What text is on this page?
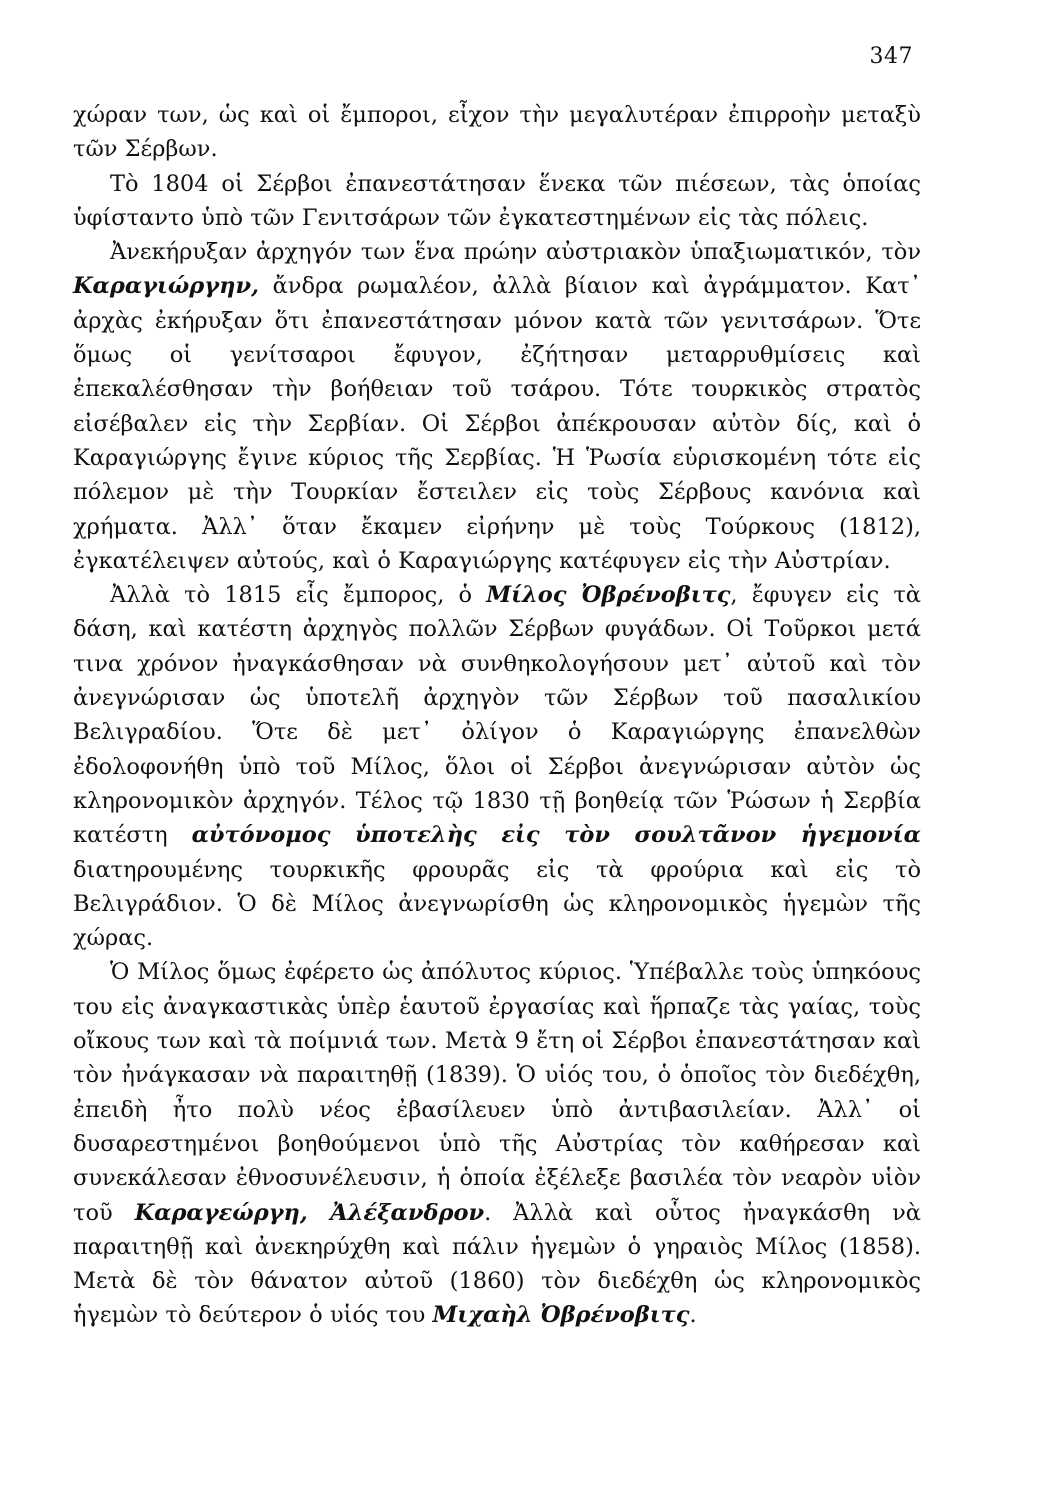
347

χώραν των, ὡς καὶ οἱ ἔμποροι, εἶχον τὴν μεγαλυτέραν ἐπιρροὴν μεταξὺ τῶν Σέρβων.

Τὸ 1804 οἱ Σέρβοι ἐπανεστάτησαν ἕνεκα τῶν πιέσεων, τὰς ὁποίας ὑφίσταντο ὑπὸ τῶν Γενιτσάρων τῶν ἐγκατεστημένων εἰς τὰς πόλεις.

Ἀνεκήρυξαν ἀρχηγόν των ἕνα πρώην αὐστριακὸν ὑπαξιωματικόν, τὸν Καραγιώργην, ἄνδρα ρωμαλέον, ἀλλὰ βίαιον καὶ ἀγράμματον. Κατ᾽ ἀρχὰς ἐκήρυξαν ὅτι ἐπανεστάτησαν μόνον κατὰ τῶν γενιτσάρων. Ὅτε ὅμως οἱ γενίτσαροι ἔφυγον, ἐζήτησαν μεταρρυθμίσεις καὶ ἐπεκαλέσθησαν τὴν βοήθειαν τοῦ τσάρου. Τότε τουρκικὸς στρατὸς εἰσέβαλεν εἰς τὴν Σερβίαν. Οἱ Σέρβοι ἀπέκρουσαν αὐτὸν δίς, καὶ ὁ Καραγιώργης ἔγινε κύριος τῆς Σερβίας. Ἡ Ῥωσία εὑρισκομένη τότε εἰς πόλεμον μὲ τὴν Τουρκίαν ἔστειλεν εἰς τοὺς Σέρβους κανόνια καὶ χρήματα. Ἀλλ᾽ ὅταν ἔκαμεν εἰρήνην μὲ τοὺς Τούρκους (1812), ἐγκατέλειψεν αὐτούς, καὶ ὁ Καραγιώργης κατέφυγεν εἰς τὴν Αὐστρίαν.

Ἀλλὰ τὸ 1815 εἷς ἔμπορος, ὁ Μίλος Ὀβρένοβιτς, ἔφυγεν εἰς τὰ δάση, καὶ κατέστη ἀρχηγὸς πολλῶν Σέρβων φυγάδων. Οἱ Τοῦρκοι μετά τινα χρόνον ἠναγκάσθησαν νὰ συνθηκολογήσουν μετ᾽ αὐτοῦ καὶ τὸν ἀνεγνώρισαν ὡς ὑποτελῆ ἀρχηγὸν τῶν Σέρβων τοῦ πασαλικίου Βελιγραδίου. Ὅτε δὲ μετ᾽ ὀλίγον ὁ Καραγιώργης ἐπανελθὼν ἐδολοφονήθη ὑπὸ τοῦ Μίλος, ὅλοι οἱ Σέρβοι ἀνεγνώρισαν αὐτὸν ὡς κληρονομικὸν ἀρχηγόν. Τέλος τῷ 1830 τῇ βοηθείᾳ τῶν Ῥώσων ἡ Σερβία κατέστη αὐτόνομος ὑποτελὴς εἰς τὸν σουλτᾶνον ἡγεμονία διατηρουμένης τουρκικῆς φρουρᾶς εἰς τὰ φρούρια καὶ εἰς τὸ Βελιγράδιον. Ὁ δὲ Μίλος ἀνεγνωρίσθη ὡς κληρονομικὸς ἡγεμὼν τῆς χώρας.

Ὁ Μίλος ὅμως ἐφέρετο ὡς ἀπόλυτος κύριος. Ὑπέβαλλε τοὺς ὑπηκόους του εἰς ἀναγκαστικὰς ὑπὲρ ἑαυτοῦ ἐργασίας καὶ ἥρπαζε τὰς γαίας, τοὺς οἴκους των καὶ τὰ ποίμνιά των. Μετὰ 9 ἔτη οἱ Σέρβοι ἐπανεστάτησαν καὶ τὸν ἠνάγκασαν νὰ παραιτηθῇ (1839). Ὁ υἱός του, ὁ ὁποῖος τὸν διεδέχθη, ἐπειδὴ ἦτο πολὺ νέος ἐβασίλευεν ὑπὸ ἀντιβασιλείαν. Ἀλλ᾽ οἱ δυσαρεστημένοι βοηθούμενοι ὑπὸ τῆς Αὐστρίας τὸν καθήρεσαν καὶ συνεκάλεσαν ἐθνοσυνέλευσιν, ἡ ὁποία ἐξέλεξε βασιλέα τὸν νεαρὸν υἱὸν τοῦ Καραγεώργη, Ἀλέξανδρον. Ἀλλὰ καὶ οὗτος ἠναγκάσθη νὰ παραιτηθῇ καὶ ἀνεκηρύχθη καὶ πάλιν ἡγεμὼν ὁ γηραιὸς Μίλος (1858). Μετὰ δὲ τὸν θάνατον αὐτοῦ (1860) τὸν διεδέχθη ὡς κληρονομικὸς ἡγεμὼν τὸ δεύτερον ὁ υἱός του Μιχαὴλ Ὀβρένοβιτς.
